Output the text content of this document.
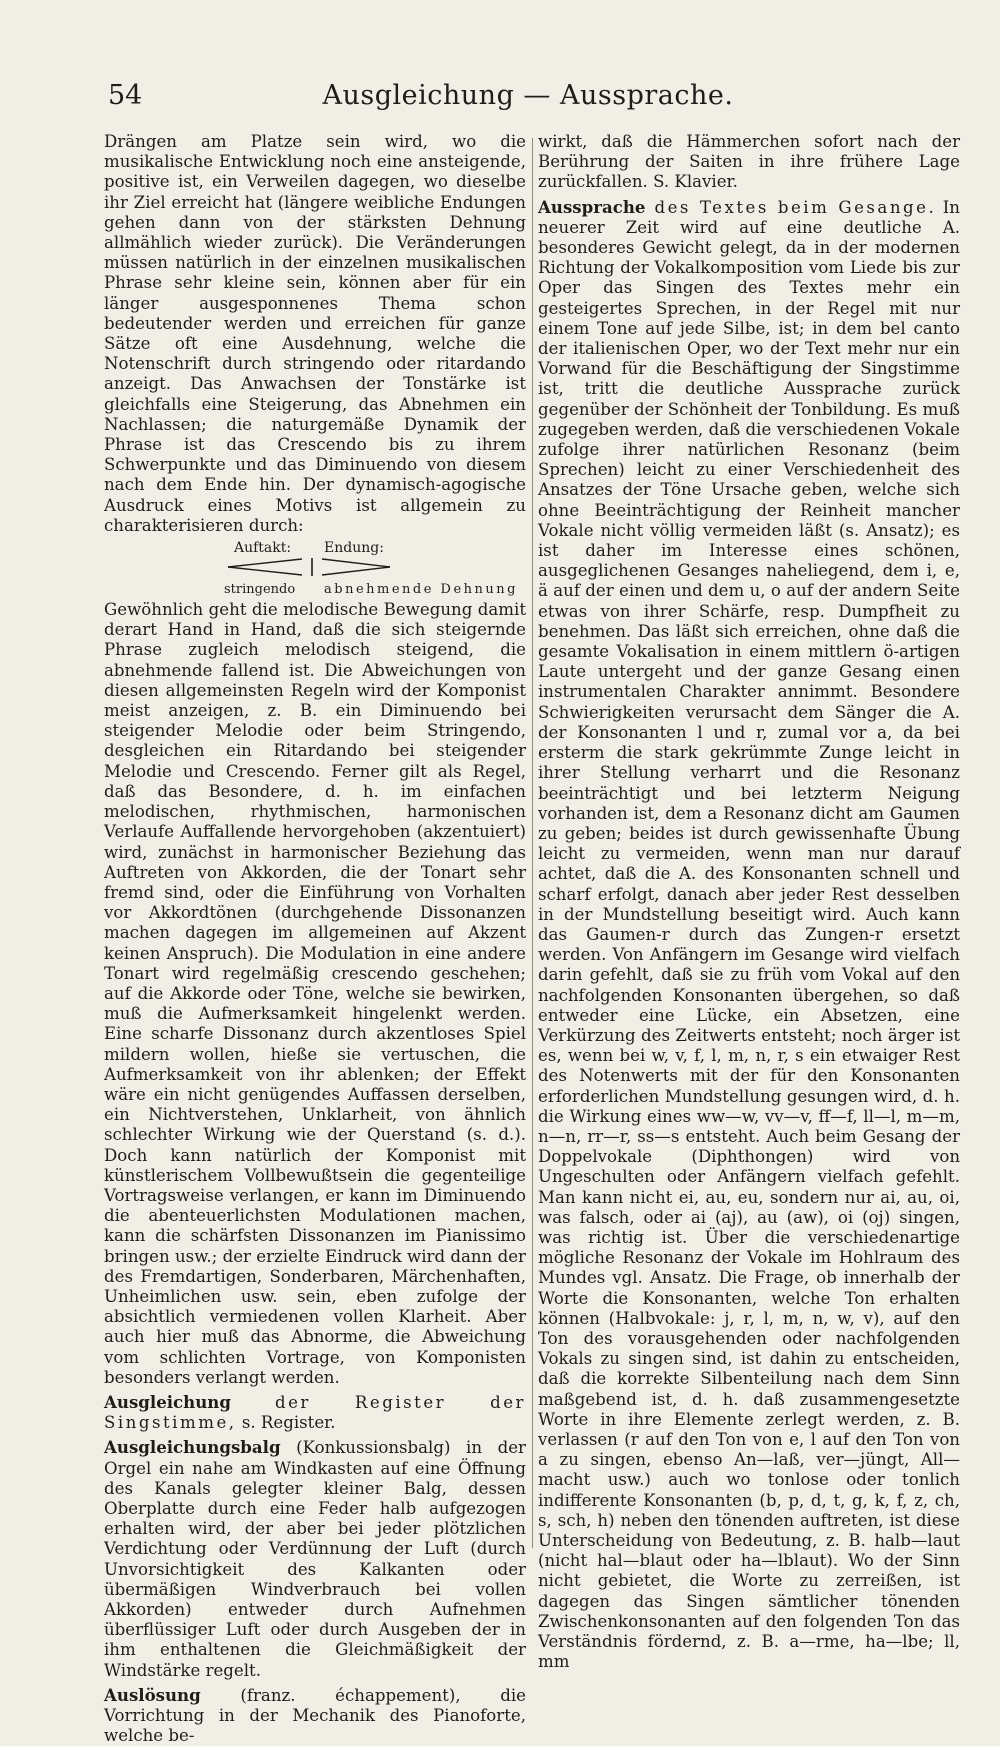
54	Ausgleichung — Aussprache.

Drängen am Platze sein wird, wo die musikalische Entwicklung noch eine ansteigende, positive ist, ein Verweilen dagegen, wo dieselbe ihr Ziel erreicht hat (längere weibliche Endungen gehen dann von der stärksten Dehnung allmählich wieder zurück). Die Veränderungen müssen natürlich in der einzelnen musikalischen Phrase sehr kleine sein, können aber für ein länger ausgesponnenes Thema schon bedeutender werden und erreichen für ganze Sätze oft eine Ausdehnung, welche die Notenschrift durch stringendo oder ritardando anzeigt. Das Anwachsen der Tonstärke ist gleichfalls eine Steigerung, das Abnehmen ein Nachlassen; die naturgemäße Dynamik der Phrase ist das Crescendo bis zu ihrem Schwerpunkte und das Diminuendo von diesem nach dem Ende hin. Der dynamisch-agogische Ausdruck eines Motivs ist allgemein zu charakterisieren durch:

Auftakt: Endung:
stringendo abnehmende Dehnung

Gewöhnlich geht die melodische Bewegung damit derart Hand in Hand, daß die sich steigernde Phrase zugleich melodisch steigend, die abnehmende fallend ist. Die Abweichungen von diesen allgemeinsten Regeln wird der Komponist meist anzeigen, z. B. ein Diminuendo bei steigender Melodie oder beim Stringendo, desgleichen ein Ritardando bei steigender Melodie und Crescendo. Ferner gilt als Regel, daß das Besondere, d. h. im einfachen melodischen, rhythmischen, harmonischen Verlaufe Auffallende hervorgehoben (akzentuiert) wird, zunächst in harmonischer Beziehung das Auftreten von Akkorden, die der Tonart sehr fremd sind, oder die Einführung von Vorhalten vor Akkordtönen (durchgehende Dissonanzen machen dagegen im allgemeinen auf Akzent keinen Anspruch). Die Modulation in eine andere Tonart wird regelmäßig crescendo geschehen; auf die Akkorde oder Töne, welche sie bewirken, muß die Aufmerksamkeit hingelenkt werden. Eine scharfe Dissonanz durch akzentloses Spiel mildern wollen, hieße sie vertuschen, die Aufmerksamkeit von ihr ablenken; der Effekt wäre ein nicht genügendes Auffassen derselben, ein Nichtverstehen, Unklarheit, von ähnlich schlechter Wirkung wie der Querstand (s. d.). Doch kann natürlich der Komponist mit künstlerischem Vollbewußtsein die gegenteilige Vortragsweise verlangen, er kann im Diminuendo die abenteuerlichsten Modulationen machen, kann die schärfsten Dissonanzen im Pianissimo bringen usw.; der erzielte Eindruck wird dann der des Fremdartigen, Sonderbaren, Märchenhaften, Unheimlichen usw. sein, eben zufolge der absichtlich vermiedenen vollen Klarheit. Aber auch hier muß das Abnorme, die Abweichung vom schlichten Vortrage, von Komponisten besonders verlangt werden.

Ausgleichung der Register der Singstimme, s. Register.

Ausgleichungsbalg (Konkussionsbalg) in der Orgel ein nahe am Windkasten auf eine Öffnung des Kanals gelegter kleiner Balg, dessen Oberplatte durch eine Feder halb aufgezogen erhalten wird, der aber bei jeder plötzlichen Verdichtung oder Verdünnung der Luft (durch Unvorsichtigkeit des Kalkanten oder übermäßigen Windverbrauch bei vollen Akkorden) entweder durch Aufnehmen überflüssiger Luft oder durch Ausgeben der in ihm enthaltenen die Gleichmäßigkeit der Windstärke regelt.

Auslösung (franz. échappement), die Vorrichtung in der Mechanik des Pianoforte, welche be-

wirkt, daß die Hämmerchen sofort nach der Berührung der Saiten in ihre frühere Lage zurückfallen. S. Klavier.

Aussprache des Textes beim Gesange. In neuerer Zeit wird auf eine deutliche A. besonderes Gewicht gelegt, da in der modernen Richtung der Vokalkomposition vom Liede bis zur Oper das Singen des Textes mehr ein gesteigertes Sprechen, in der Regel mit nur einem Tone auf jede Silbe, ist; in dem bel canto der italienischen Oper, wo der Text mehr nur ein Vorwand für die Beschäftigung der Singstimme ist, tritt die deutliche Aussprache zurück gegenüber der Schönheit der Tonbildung. Es muß zugegeben werden, daß die verschiedenen Vokale zufolge ihrer natürlichen Resonanz (beim Sprechen) leicht zu einer Verschiedenheit des Ansatzes der Töne Ursache geben, welche sich ohne Beeinträchtigung der Reinheit mancher Vokale nicht völlig vermeiden läßt (s. Ansatz); es ist daher im Interesse eines schönen, ausgeglichenen Gesanges naheliegend, dem i, e, ä auf der einen und dem u, o auf der andern Seite etwas von ihrer Schärfe, resp. Dumpfheit zu benehmen. Das läßt sich erreichen, ohne daß die gesamte Vokalisation in einem mittlern ö-artigen Laute untergeht und der ganze Gesang einen instrumentalen Charakter annimmt. Besondere Schwierigkeiten verursacht dem Sänger die A. der Konsonanten l und r, zumal vor a, da bei ersterm die stark gekrümmte Zunge leicht in ihrer Stellung verharrt und die Resonanz beeinträchtigt und bei letzterm Neigung vorhanden ist, dem a Resonanz dicht am Gaumen zu geben; beides ist durch gewissenhafte Übung leicht zu vermeiden, wenn man nur darauf achtet, daß die A. des Konsonanten schnell und scharf erfolgt, danach aber jeder Rest desselben in der Mundstellung beseitigt wird. Auch kann das Gaumen-r durch das Zungen-r ersetzt werden. Von Anfängern im Gesange wird vielfach darin gefehlt, daß sie zu früh vom Vokal auf den nachfolgenden Konsonanten übergehen, so daß entweder eine Lücke, ein Absetzen, eine Verkürzung des Zeitwerts entsteht; noch ärger ist es, wenn bei w, v, f, l, m, n, r, s ein etwaiger Rest des Notenwerts mit der für den Konsonanten erforderlichen Mundstellung gesungen wird, d. h. die Wirkung eines ww—w, vv—v, ff—f, ll—l, m—m, n—n, rr—r, ss—s entsteht. Auch beim Gesang der Doppelvokale (Diphthongen) wird von Ungeschulten oder Anfängern vielfach gefehlt. Man kann nicht ei, au, eu, sondern nur ai, au, oi, was falsch, oder ai (aj), au (aw), oi (oj) singen, was richtig ist. Über die verschiedenartige mögliche Resonanz der Vokale im Hohlraum des Mundes vgl. Ansatz. Die Frage, ob innerhalb der Worte die Konsonanten, welche Ton erhalten können (Halbvokale: j, r, l, m, n, w, v), auf den Ton des vorausgehenden oder nachfolgenden Vokals zu singen sind, ist dahin zu entscheiden, daß die korrekte Silbenteilung nach dem Sinn maßgebend ist, d. h. daß zusammengesetzte Worte in ihre Elemente zerlegt werden, z. B. verlassen (r auf den Ton von e, l auf den Ton von a zu singen, ebenso An—laß, ver—jüngt, All—macht usw.) auch wo tonlose oder tonlich indifferente Konsonanten (b, p, d, t, g, k, f, z, ch, s, sch, h) neben den tönenden auftreten, ist diese Unterscheidung von Bedeutung, z. B. halb—laut (nicht hal—blaut oder ha—lblaut). Wo der Sinn nicht gebietet, die Worte zu zerreißen, ist dagegen das Singen sämtlicher tönenden Zwischenkonsonanten auf den folgenden Ton das Verständnis fördernd, z. B. a—rme, ha—lbe; ll, mm
